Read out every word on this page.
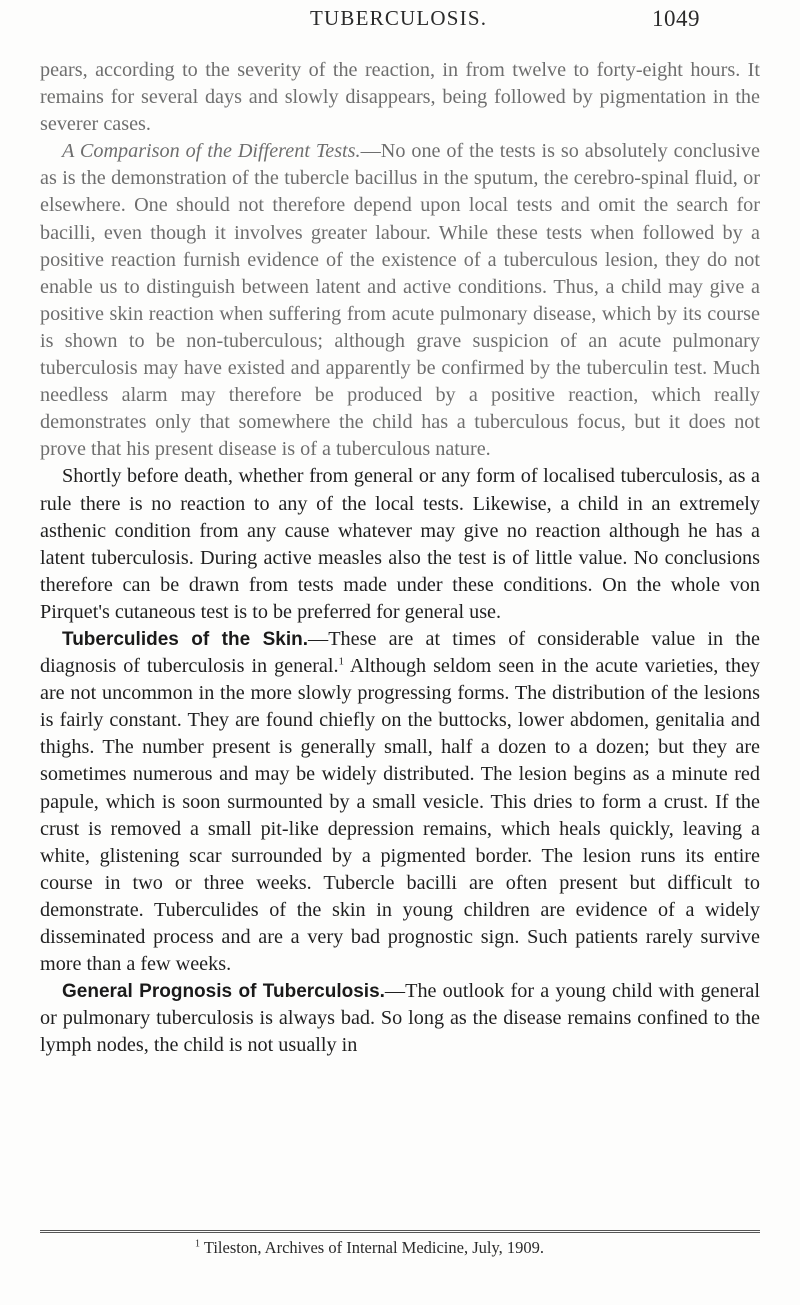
TUBERCULOSIS.	1049

pears, according to the severity of the reaction, in from twelve to forty-eight hours. It remains for several days and slowly disappears, being followed by pigmentation in the severer cases.

A Comparison of the Different Tests.—No one of the tests is so absolutely conclusive as is the demonstration of the tubercle bacillus in the sputum, the cerebro-spinal fluid, or elsewhere. One should not therefore depend upon local tests and omit the search for bacilli, even though it involves greater labour. While these tests when followed by a positive reaction furnish evidence of the existence of a tuberculous lesion, they do not enable us to distinguish between latent and active conditions. Thus, a child may give a positive skin reaction when suffering from acute pulmonary disease, which by its course is shown to be non-tuberculous; although grave suspicion of an acute pulmonary tuberculosis may have existed and apparently be confirmed by the tuberculin test. Much needless alarm may therefore be produced by a positive reaction, which really demonstrates only that somewhere the child has a tuberculous focus, but it does not prove that his present disease is of a tuberculous nature.

Shortly before death, whether from general or any form of localised tuberculosis, as a rule there is no reaction to any of the local tests. Likewise, a child in an extremely asthenic condition from any cause whatever may give no reaction although he has a latent tuberculosis. During active measles also the test is of little value. No conclusions therefore can be drawn from tests made under these conditions. On the whole von Pirquet's cutaneous test is to be preferred for general use.

Tuberculides of the Skin.—These are at times of considerable value in the diagnosis of tuberculosis in general.$^1$ Although seldom seen in the acute varieties, they are not uncommon in the more slowly progressing forms. The distribution of the lesions is fairly constant. They are found chiefly on the buttocks, lower abdomen, genitalia and thighs. The number present is generally small, half a dozen to a dozen; but they are sometimes numerous and may be widely distributed. The lesion begins as a minute red papule, which is soon surmounted by a small vesicle. This dries to form a crust. If the crust is removed a small pit-like depression remains, which heals quickly, leaving a white, glistening scar surrounded by a pigmented border. The lesion runs its entire course in two or three weeks. Tubercle bacilli are often present but difficult to demonstrate. Tuberculides of the skin in young children are evidence of a widely disseminated process and are a very bad prognostic sign. Such patients rarely survive more than a few weeks.

General Prognosis of Tuberculosis.—The outlook for a young child with general or pulmonary tuberculosis is always bad. So long as the disease remains confined to the lymph nodes, the child is not usually in

$^1$ Tileston, Archives of Internal Medicine, July, 1909.
